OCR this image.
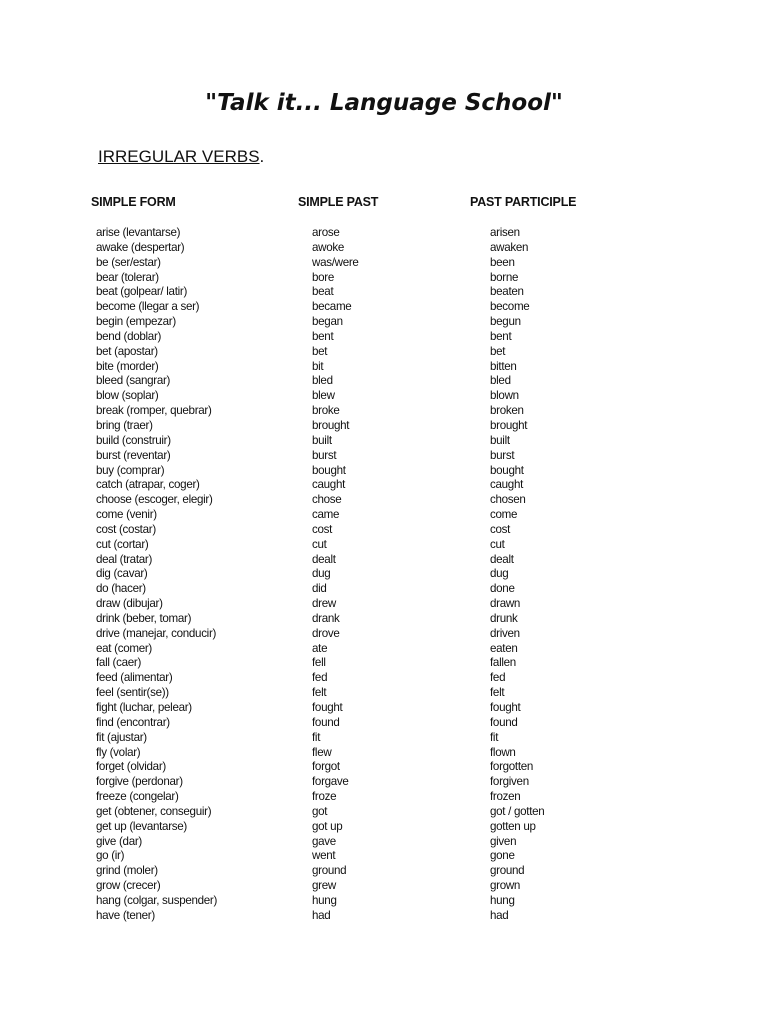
"Talk it... Language School"
IRREGULAR VERBS.
SIMPLE FORM	SIMPLE PAST	PAST PARTICIPLE
arise (levantarse)	arose	arisen
awake (despertar)	awoke	awaken
be (ser/estar)	was/were	been
bear (tolerar)	bore	borne
beat (golpear/ latir)	beat	beaten
become (llegar a ser)	became	become
begin (empezar)	began	begun
bend (doblar)	bent	bent
bet (apostar)	bet	bet
bite (morder)	bit	bitten
bleed (sangrar)	bled	bled
blow (soplar)	blew	blown
break (romper, quebrar)	broke	broken
bring (traer)	brought	brought
build (construir)	built	built
burst (reventar)	burst	burst
buy (comprar)	bought	bought
catch (atrapar, coger)	caught	caught
choose (escoger, elegir)	chose	chosen
come (venir)	came	come
cost (costar)	cost	cost
cut (cortar)	cut	cut
deal (tratar)	dealt	dealt
dig (cavar)	dug	dug
do (hacer)	did	done
draw (dibujar)	drew	drawn
drink (beber, tomar)	drank	drunk
drive (manejar, conducir)	drove	driven
eat (comer)	ate	eaten
fall (caer)	fell	fallen
feed (alimentar)	fed	fed
feel (sentir(se))	felt	felt
fight (luchar, pelear)	fought	fought
find (encontrar)	found	found
fit (ajustar)	fit	fit
fly (volar)	flew	flown
forget (olvidar)	forgot	forgotten
forgive (perdonar)	forgave	forgiven
freeze (congelar)	froze	frozen
get (obtener, conseguir)	got	got / gotten
get up (levantarse)	got up	gotten up
give (dar)	gave	given
go (ir)	went	gone
grind (moler)	ground	ground
grow (crecer)	grew	grown
hang (colgar, suspender)	hung	hung
have (tener)	had	had
